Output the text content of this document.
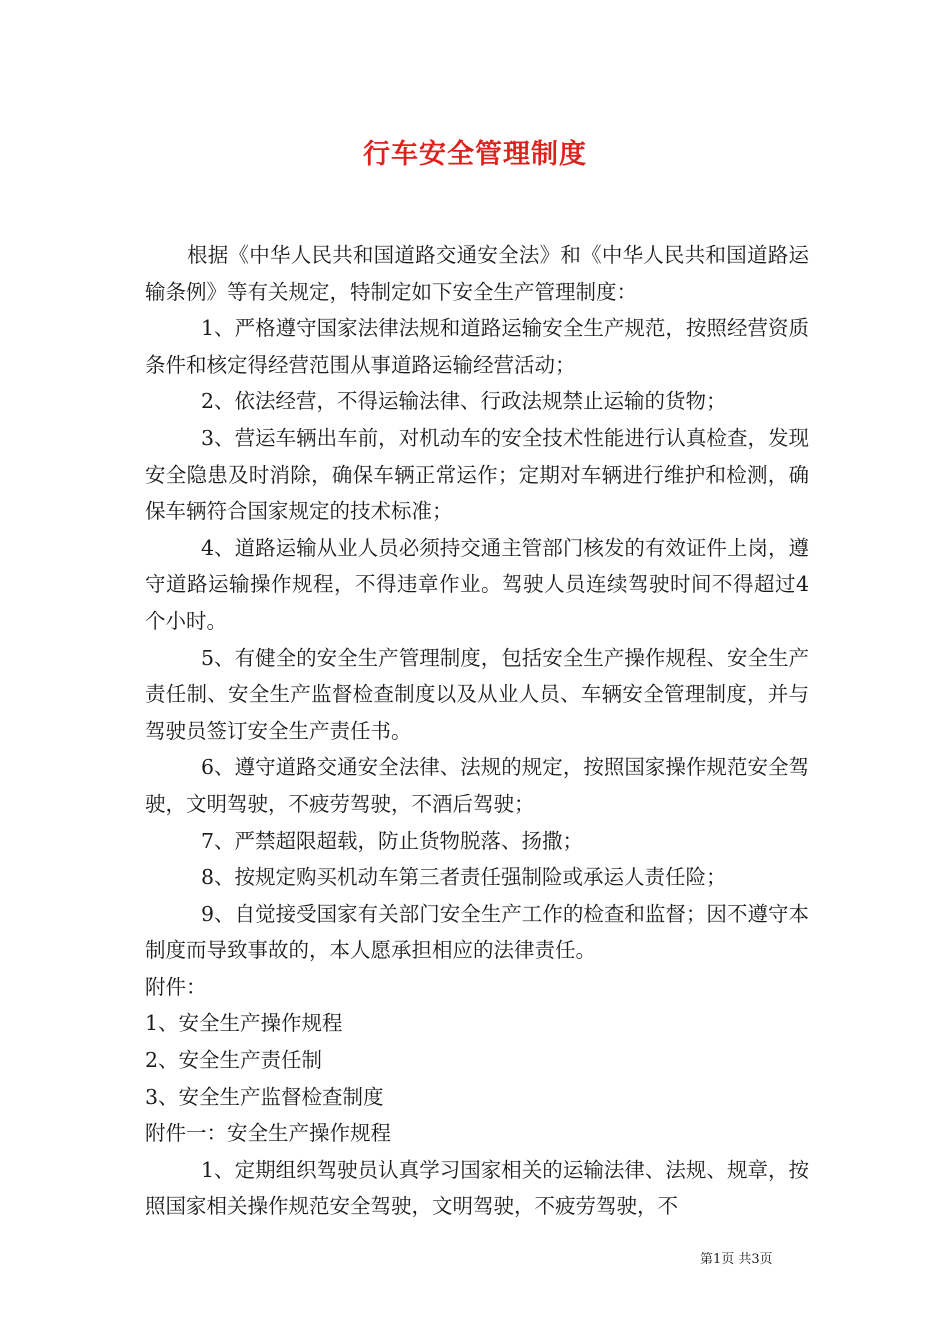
行车安全管理制度

根据《中华人民共和国道路交通安全法》和《中华人民共和国道路运输条例》等有关规定，特制定如下安全生产管理制度：

1、严格遵守国家法律法规和道路运输安全生产规范，按照经营资质条件和核定得经营范围从事道路运输经营活动；

2、依法经营，不得运输法律、行政法规禁止运输的货物；

3、营运车辆出车前，对机动车的安全技术性能进行认真检查，发现安全隐患及时消除，确保车辆正常运作；定期对车辆进行维护和检测，确保车辆符合国家规定的技术标准；

4、道路运输从业人员必须持交通主管部门核发的有效证件上岗，遵守道路运输操作规程，不得违章作业。驾驶人员连续驾驶时间不得超过4个小时。

5、有健全的安全生产管理制度，包括安全生产操作规程、安全生产责任制、安全生产监督检查制度以及从业人员、车辆安全管理制度，并与驾驶员签订安全生产责任书。

6、遵守道路交通安全法律、法规的规定，按照国家操作规范安全驾驶，文明驾驶，不疲劳驾驶，不酒后驾驶；

7、严禁超限超载，防止货物脱落、扬撒；

8、按规定购买机动车第三者责任强制险或承运人责任险；

9、自觉接受国家有关部门安全生产工作的检查和监督；因不遵守本制度而导致事故的，本人愿承担相应的法律责任。

附件：

1、安全生产操作规程

2、安全生产责任制

3、安全生产监督检查制度

附件一：安全生产操作规程

1、定期组织驾驶员认真学习国家相关的运输法律、法规、规章，按照国家相关操作规范安全驾驶，文明驾驶，不疲劳驾驶，不

第1页 共3页
